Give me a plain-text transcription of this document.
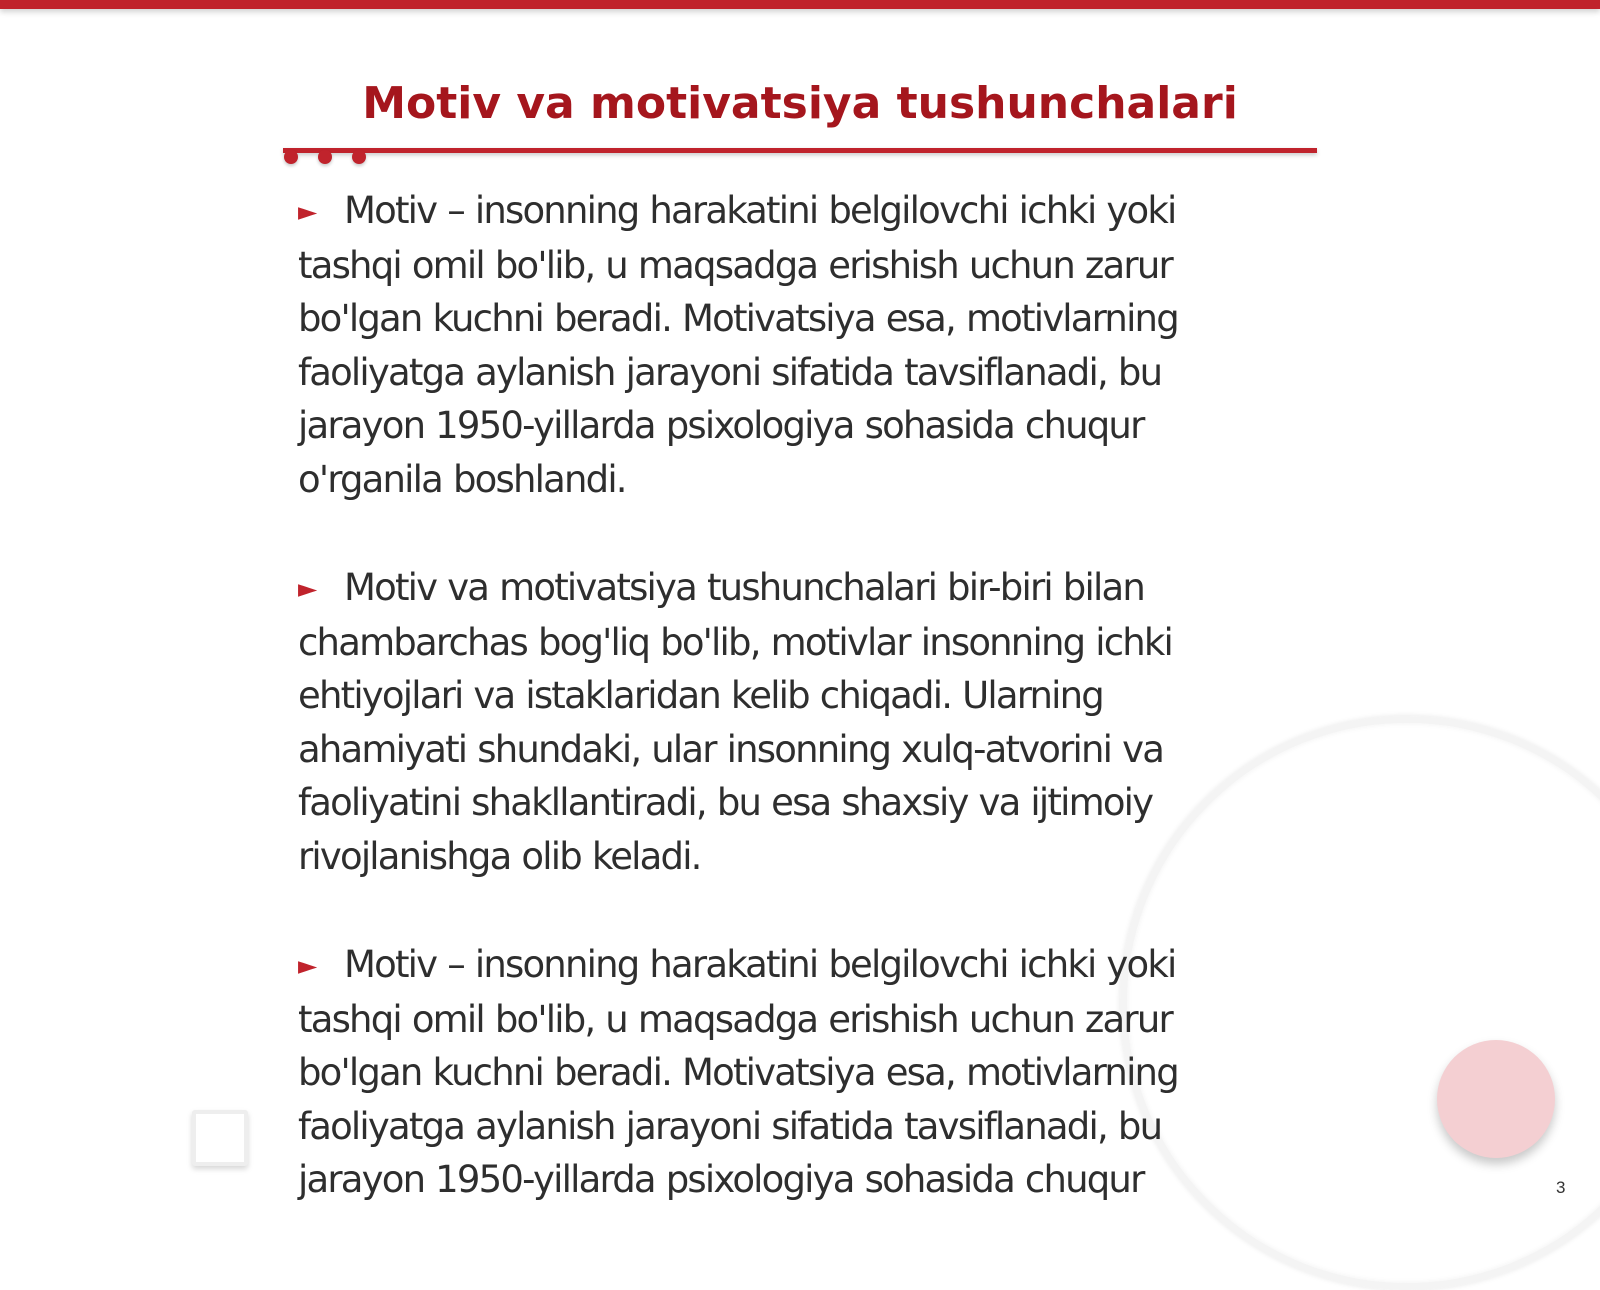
Motiv va motivatsiya tushunchalari

► Motiv – insonning harakatini belgilovchi ichki yoki
tashqi omil bo'lib, u maqsadga erishish uchun zarur
bo'lgan kuchni beradi. Motivatsiya esa, motivlarning
faoliyatga aylanish jarayoni sifatida tavsiflanadi, bu
jarayon 1950-yillarda psixologiya sohasida chuqur
o'rganila boshlandi.

► Motiv va motivatsiya tushunchalari bir-biri bilan
chambarchas bog'liq bo'lib, motivlar insonning ichki
ehtiyojlari va istaklaridan kelib chiqadi. Ularning
ahamiyati shundaki, ular insonning xulq-atvorini va
faoliyatini shakllantiradi, bu esa shaxsiy va ijtimoiy
rivojlanishga olib keladi.

► Motiv – insonning harakatini belgilovchi ichki yoki
tashqi omil bo'lib, u maqsadga erishish uchun zarur
bo'lgan kuchni beradi. Motivatsiya esa, motivlarning
faoliyatga aylanish jarayoni sifatida tavsiflanadi, bu
jarayon 1950-yillarda psixologiya sohasida chuqur	3
